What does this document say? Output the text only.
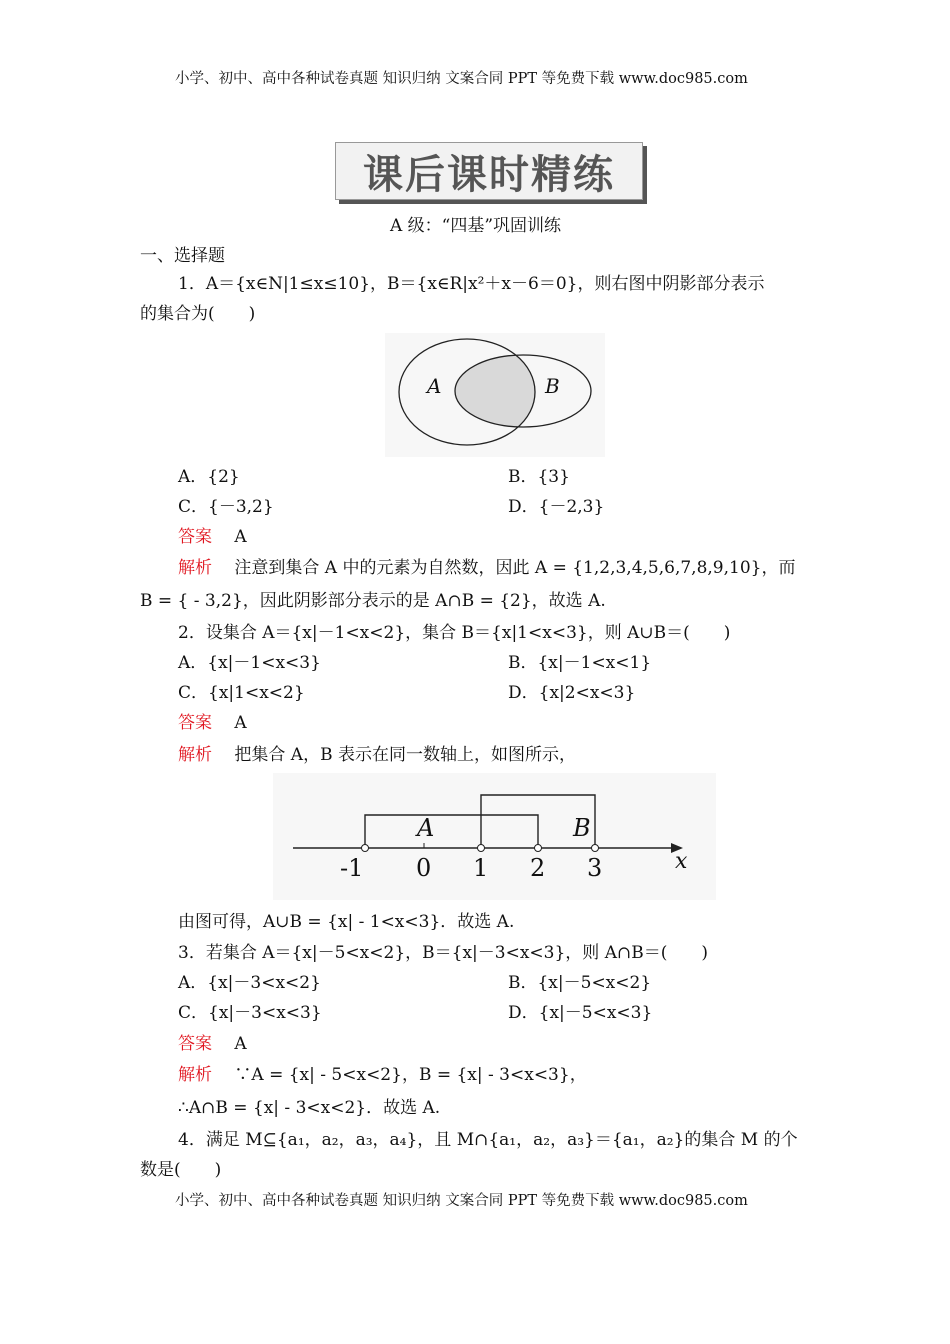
小学、初中、高中各种试卷真题 知识归纳 文案合同 PPT 等免费下载 www.doc985.com
课后课时精练
A 级：“四基”巩固训练
一、选择题
1．A＝{x∈N|1≤x≤10}，B＝{x∈R|x²＋x－6＝0}，则右图中阴影部分表示
的集合为(　　)
A	B
A．{2}	B．{3}
C．{－3,2}	D．{－2,3}
答案　 A
解析　 注意到集合 A 中的元素为自然数，因此 A = {1,2,3,4,5,6,7,8,9,10}，而
B = { - 3,2}，因此阴影部分表示的是 A∩B = {2}，故选 A.
2．设集合 A＝{x|－1<x<2}，集合 B＝{x|1<x<3}，则 A∪B＝(　　)
A．{x|－1<x<3}	B．{x|－1<x<1}
C．{x|1<x<2}	D．{x|2<x<3}
答案　 A
解析　 把集合 A，B 表示在同一数轴上，如图所示，
-1 0 1 2 3
A	B
x
由图可得，A∪B = {x| - 1<x<3}．故选 A.
3．若集合 A＝{x|－5<x<2}，B＝{x|－3<x<3}，则 A∩B＝(　　)
A．{x|－3<x<2}	B．{x|－5<x<2}
C．{x|－3<x<3}	D．{x|－5<x<3}
答案　 A
解析　 ∵A = {x| - 5<x<2}，B = {x| - 3<x<3}，
∴A∩B = {x| - 3<x<2}．故选 A.
4．满足 M⊆{a₁，a₂，a₃，a₄}，且 M∩{a₁，a₂，a₃}＝{a₁，a₂}的集合 M 的个
数是(　　)
小学、初中、高中各种试卷真题 知识归纳 文案合同 PPT 等免费下载 www.doc985.com
